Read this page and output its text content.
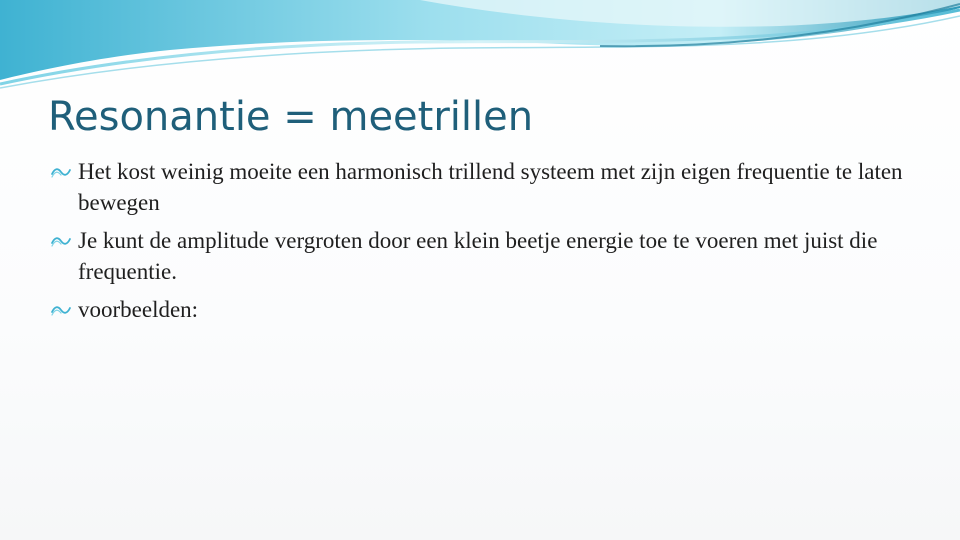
Resonantie = meetrillen
Het kost weinig moeite een harmonisch trillend systeem met zijn eigen frequentie te laten bewegen
Je kunt de amplitude vergroten door een klein beetje energie toe te voeren met juist die frequentie.
voorbeelden:
